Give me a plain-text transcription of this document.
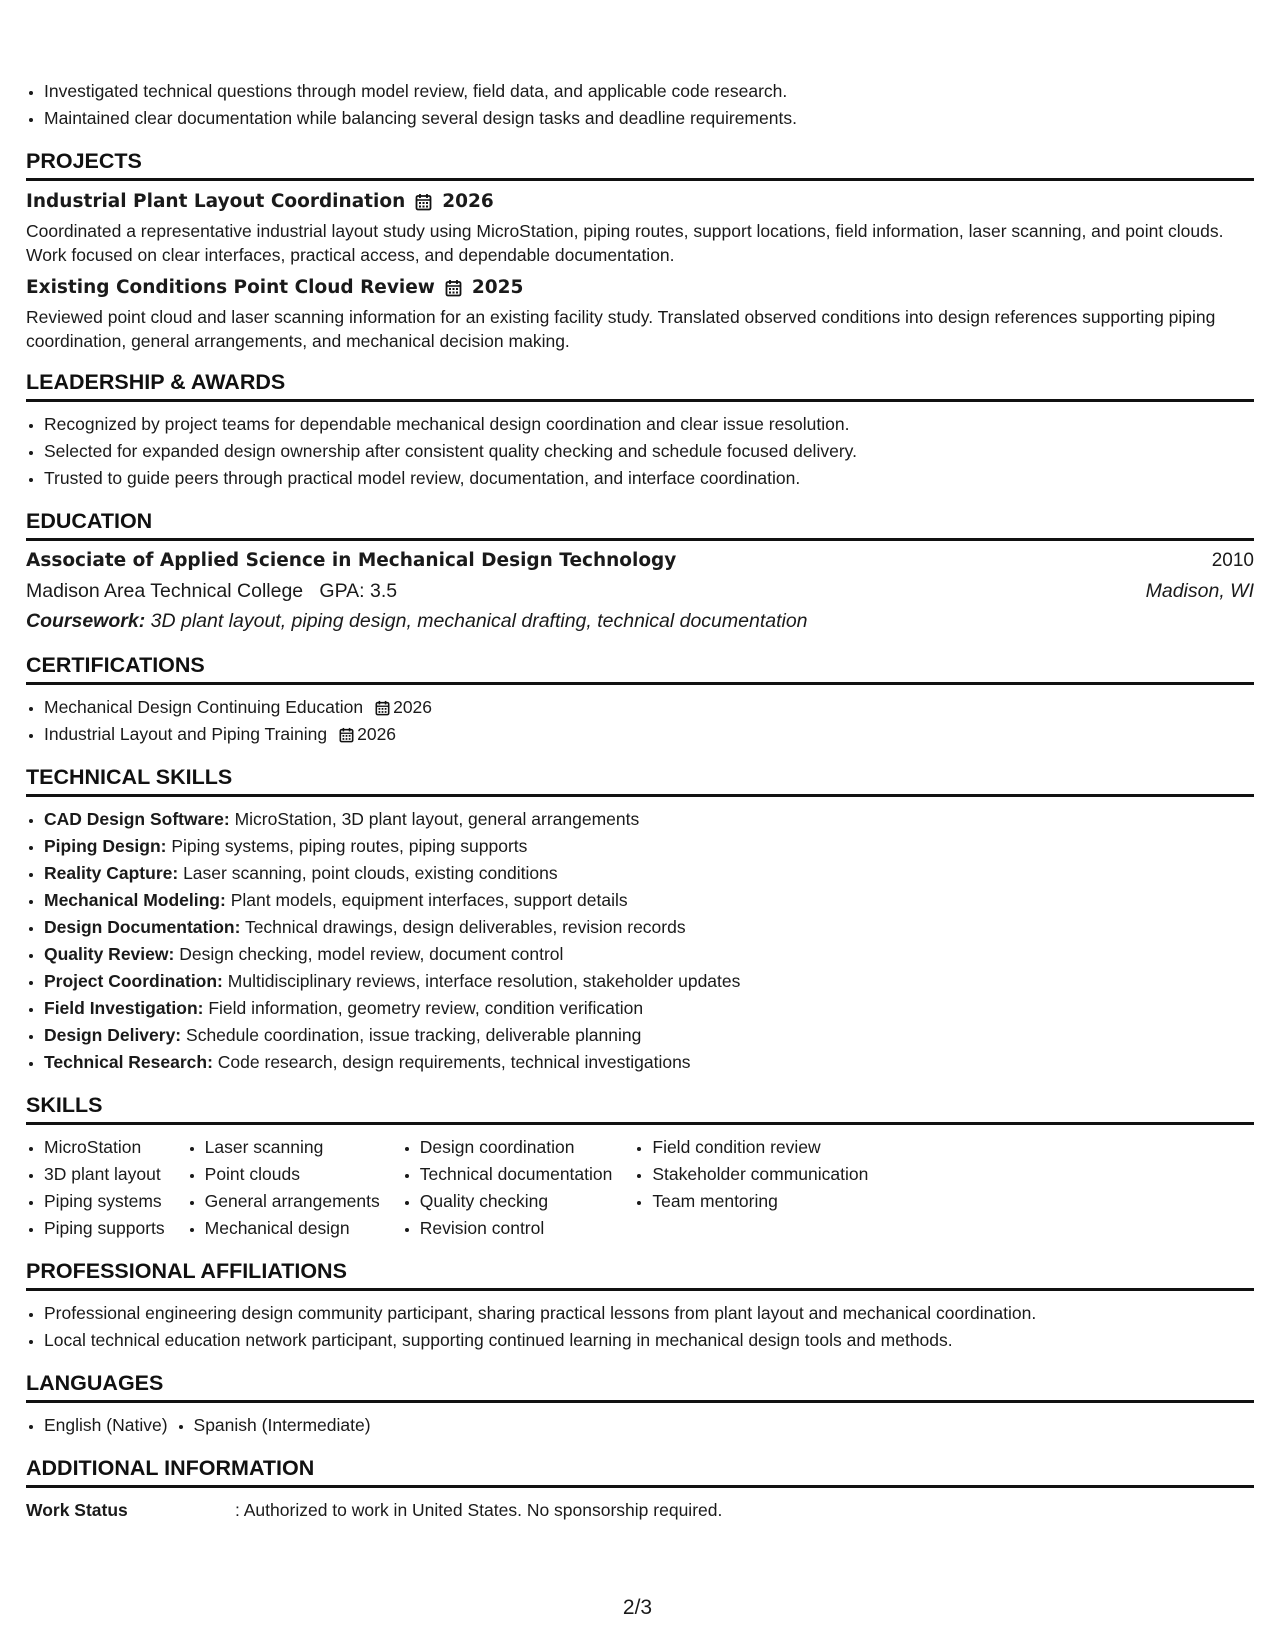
• Investigated technical questions through model review, field data, and applicable code research.
• Maintained clear documentation while balancing several design tasks and deadline requirements.
PROJECTS
Industrial Plant Layout Coordination 2026
Coordinated a representative industrial layout study using MicroStation, piping routes, support locations, field information, laser scanning, and point clouds. Work focused on clear interfaces, practical access, and dependable documentation.
Existing Conditions Point Cloud Review 2025
Reviewed point cloud and laser scanning information for an existing facility study. Translated observed conditions into design references supporting piping coordination, general arrangements, and mechanical decision making.
LEADERSHIP & AWARDS
• Recognized by project teams for dependable mechanical design coordination and clear issue resolution.
• Selected for expanded design ownership after consistent quality checking and schedule focused delivery.
• Trusted to guide peers through practical model review, documentation, and interface coordination.
EDUCATION
Associate of Applied Science in Mechanical Design Technology	2010
Madison Area Technical College GPA: 3.5	Madison, WI
Coursework: 3D plant layout, piping design, mechanical drafting, technical documentation
CERTIFICATIONS
• Mechanical Design Continuing Education 2026
• Industrial Layout and Piping Training 2026
TECHNICAL SKILLS
• CAD Design Software: MicroStation, 3D plant layout, general arrangements
• Piping Design: Piping systems, piping routes, piping supports
• Reality Capture: Laser scanning, point clouds, existing conditions
• Mechanical Modeling: Plant models, equipment interfaces, support details
• Design Documentation: Technical drawings, design deliverables, revision records
• Quality Review: Design checking, model review, document control
• Project Coordination: Multidisciplinary reviews, interface resolution, stakeholder updates
• Field Investigation: Field information, geometry review, condition verification
• Design Delivery: Schedule coordination, issue tracking, deliverable planning
• Technical Research: Code research, design requirements, technical investigations
SKILLS
• MicroStation
• 3D plant layout
• Piping systems
• Piping supports
• Laser scanning
• Point clouds
• General arrangements
• Mechanical design
• Design coordination
• Technical documentation
• Quality checking
• Revision control
• Field condition review
• Stakeholder communication
• Team mentoring
PROFESSIONAL AFFILIATIONS
• Professional engineering design community participant, sharing practical lessons from plant layout and mechanical coordination.
• Local technical education network participant, supporting continued learning in mechanical design tools and methods.
LANGUAGES
• English (Native)
• Spanish (Intermediate)
ADDITIONAL INFORMATION
Work Status	: Authorized to work in United States. No sponsorship required.
2/3
